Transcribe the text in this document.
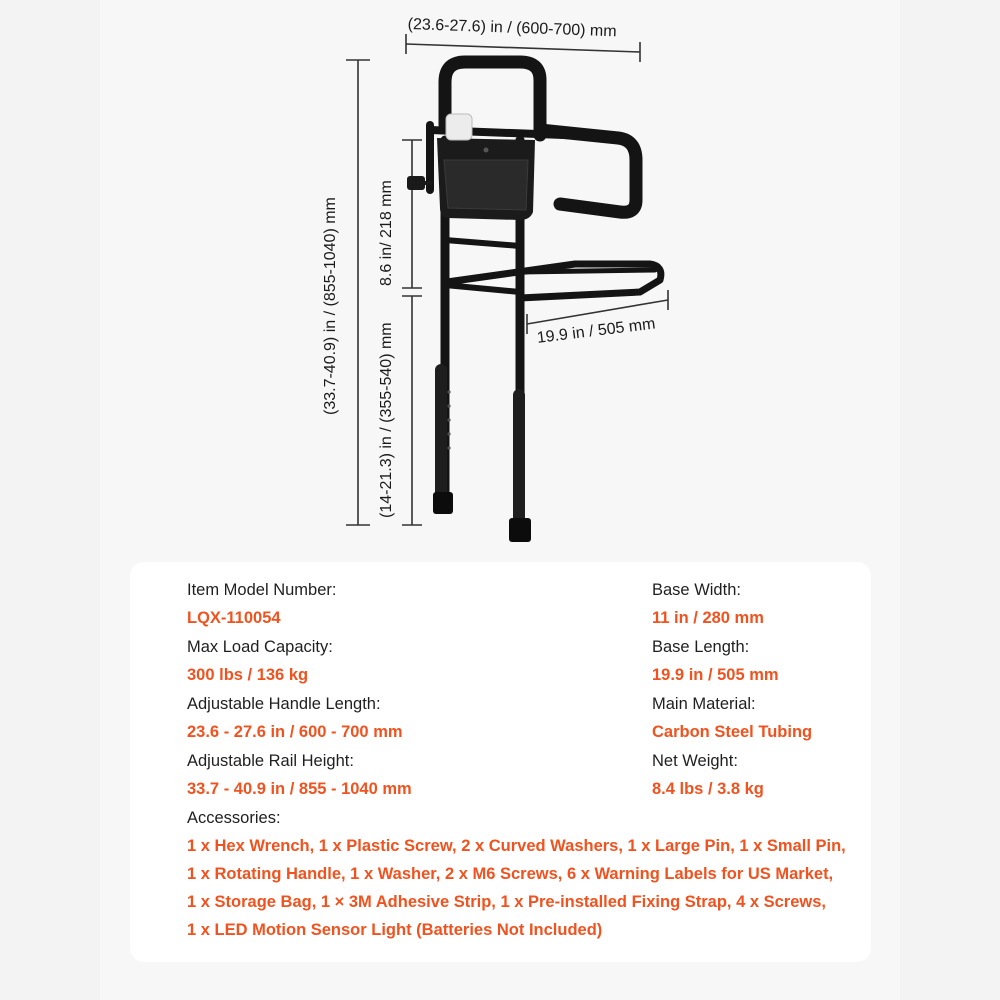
(23.6-27.6) in / (600-700) mm
(33.7-40.9) in / (855-1040) mm 8.6 in/ 218 mm
(14-21.3) in / (355-540) mm	19.9 in / 505 mm
Item Model Number:
LQX-110054
Max Load Capacity:
300 lbs / 136 kg
Adjustable Handle Length:
23.6 - 27.6 in / 600 - 700 mm
Adjustable Rail Height:
33.7 - 40.9 in / 855 - 1040 mm
Base Width:
11 in / 280 mm
Base Length:
19.9 in / 505 mm
Main Material:
Carbon Steel Tubing
Net Weight:
8.4 lbs / 3.8 kg
Accessories:
1 x Hex Wrench, 1 x Plastic Screw, 2 x Curved Washers, 1 x Large Pin, 1 x Small Pin,
1 x Rotating Handle, 1 x Washer, 2 x M6 Screws, 6 x Warning Labels for US Market,
1 x Storage Bag, 1 × 3M Adhesive Strip, 1 x Pre-installed Fixing Strap, 4 x Screws,
1 x LED Motion Sensor Light (Batteries Not Included)
